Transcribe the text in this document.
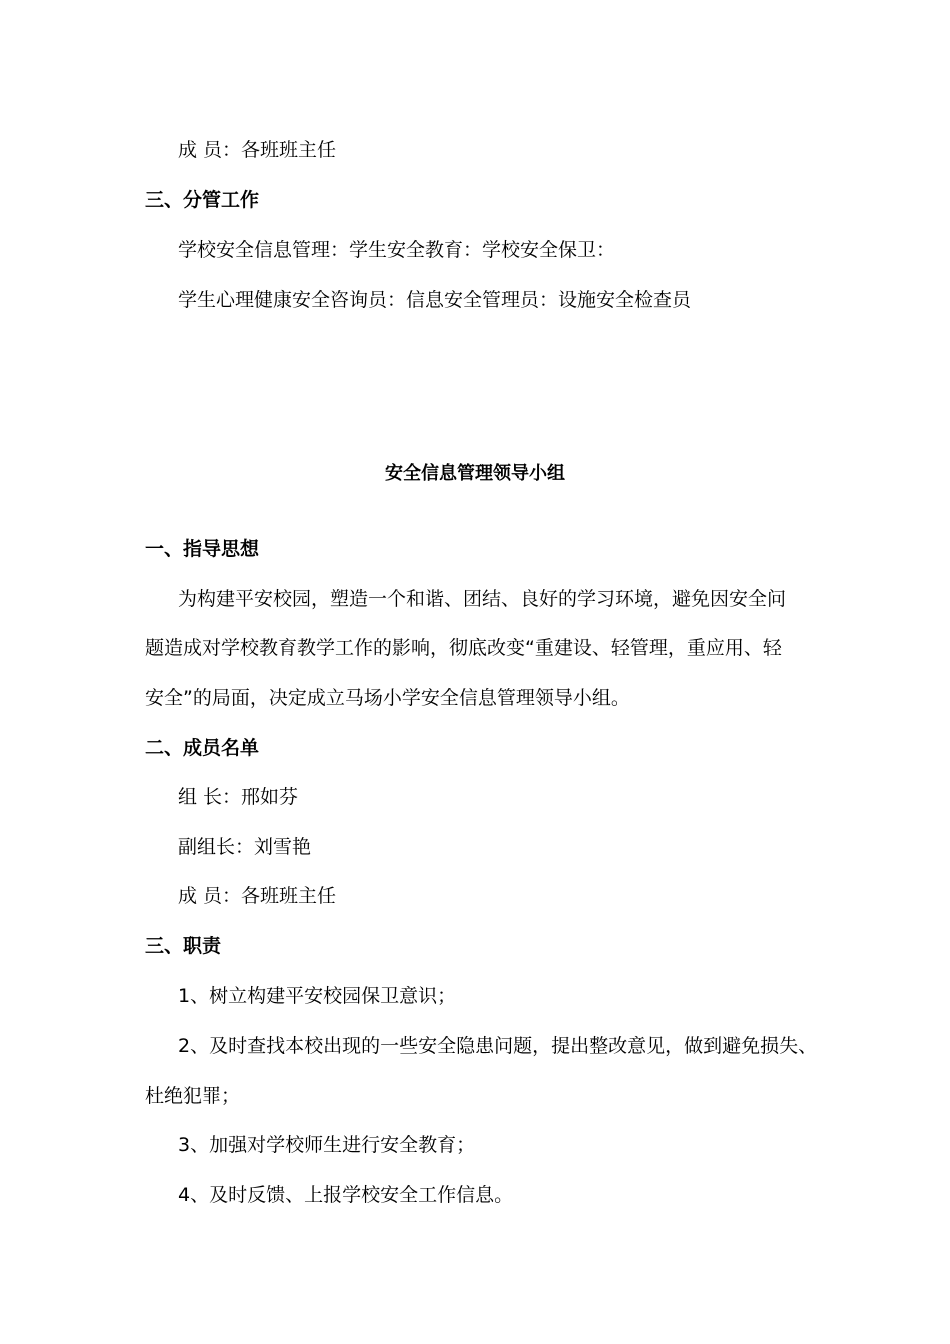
成 员：各班班主任
三、分管工作
学校安全信息管理：学生安全教育：学校安全保卫：
学生心理健康安全咨询员：信息安全管理员：设施安全检查员
安全信息管理领导小组
一、指导思想
为构建平安校园，塑造一个和谐、团结、良好的学习环境，避免因安全问
题造成对学校教育教学工作的影响，彻底改变“重建设、轻管理，重应用、轻
安全”的局面，决定成立马场小学安全信息管理领导小组。
二、成员名单
组 长：邢如芬
副组长：刘雪艳
成 员：各班班主任
三、职责
1、树立构建平安校园保卫意识；
2、及时查找本校出现的一些安全隐患问题，提出整改意见，做到避免损失、
杜绝犯罪；
3、加强对学校师生进行安全教育；
4、及时反馈、上报学校安全工作信息。
